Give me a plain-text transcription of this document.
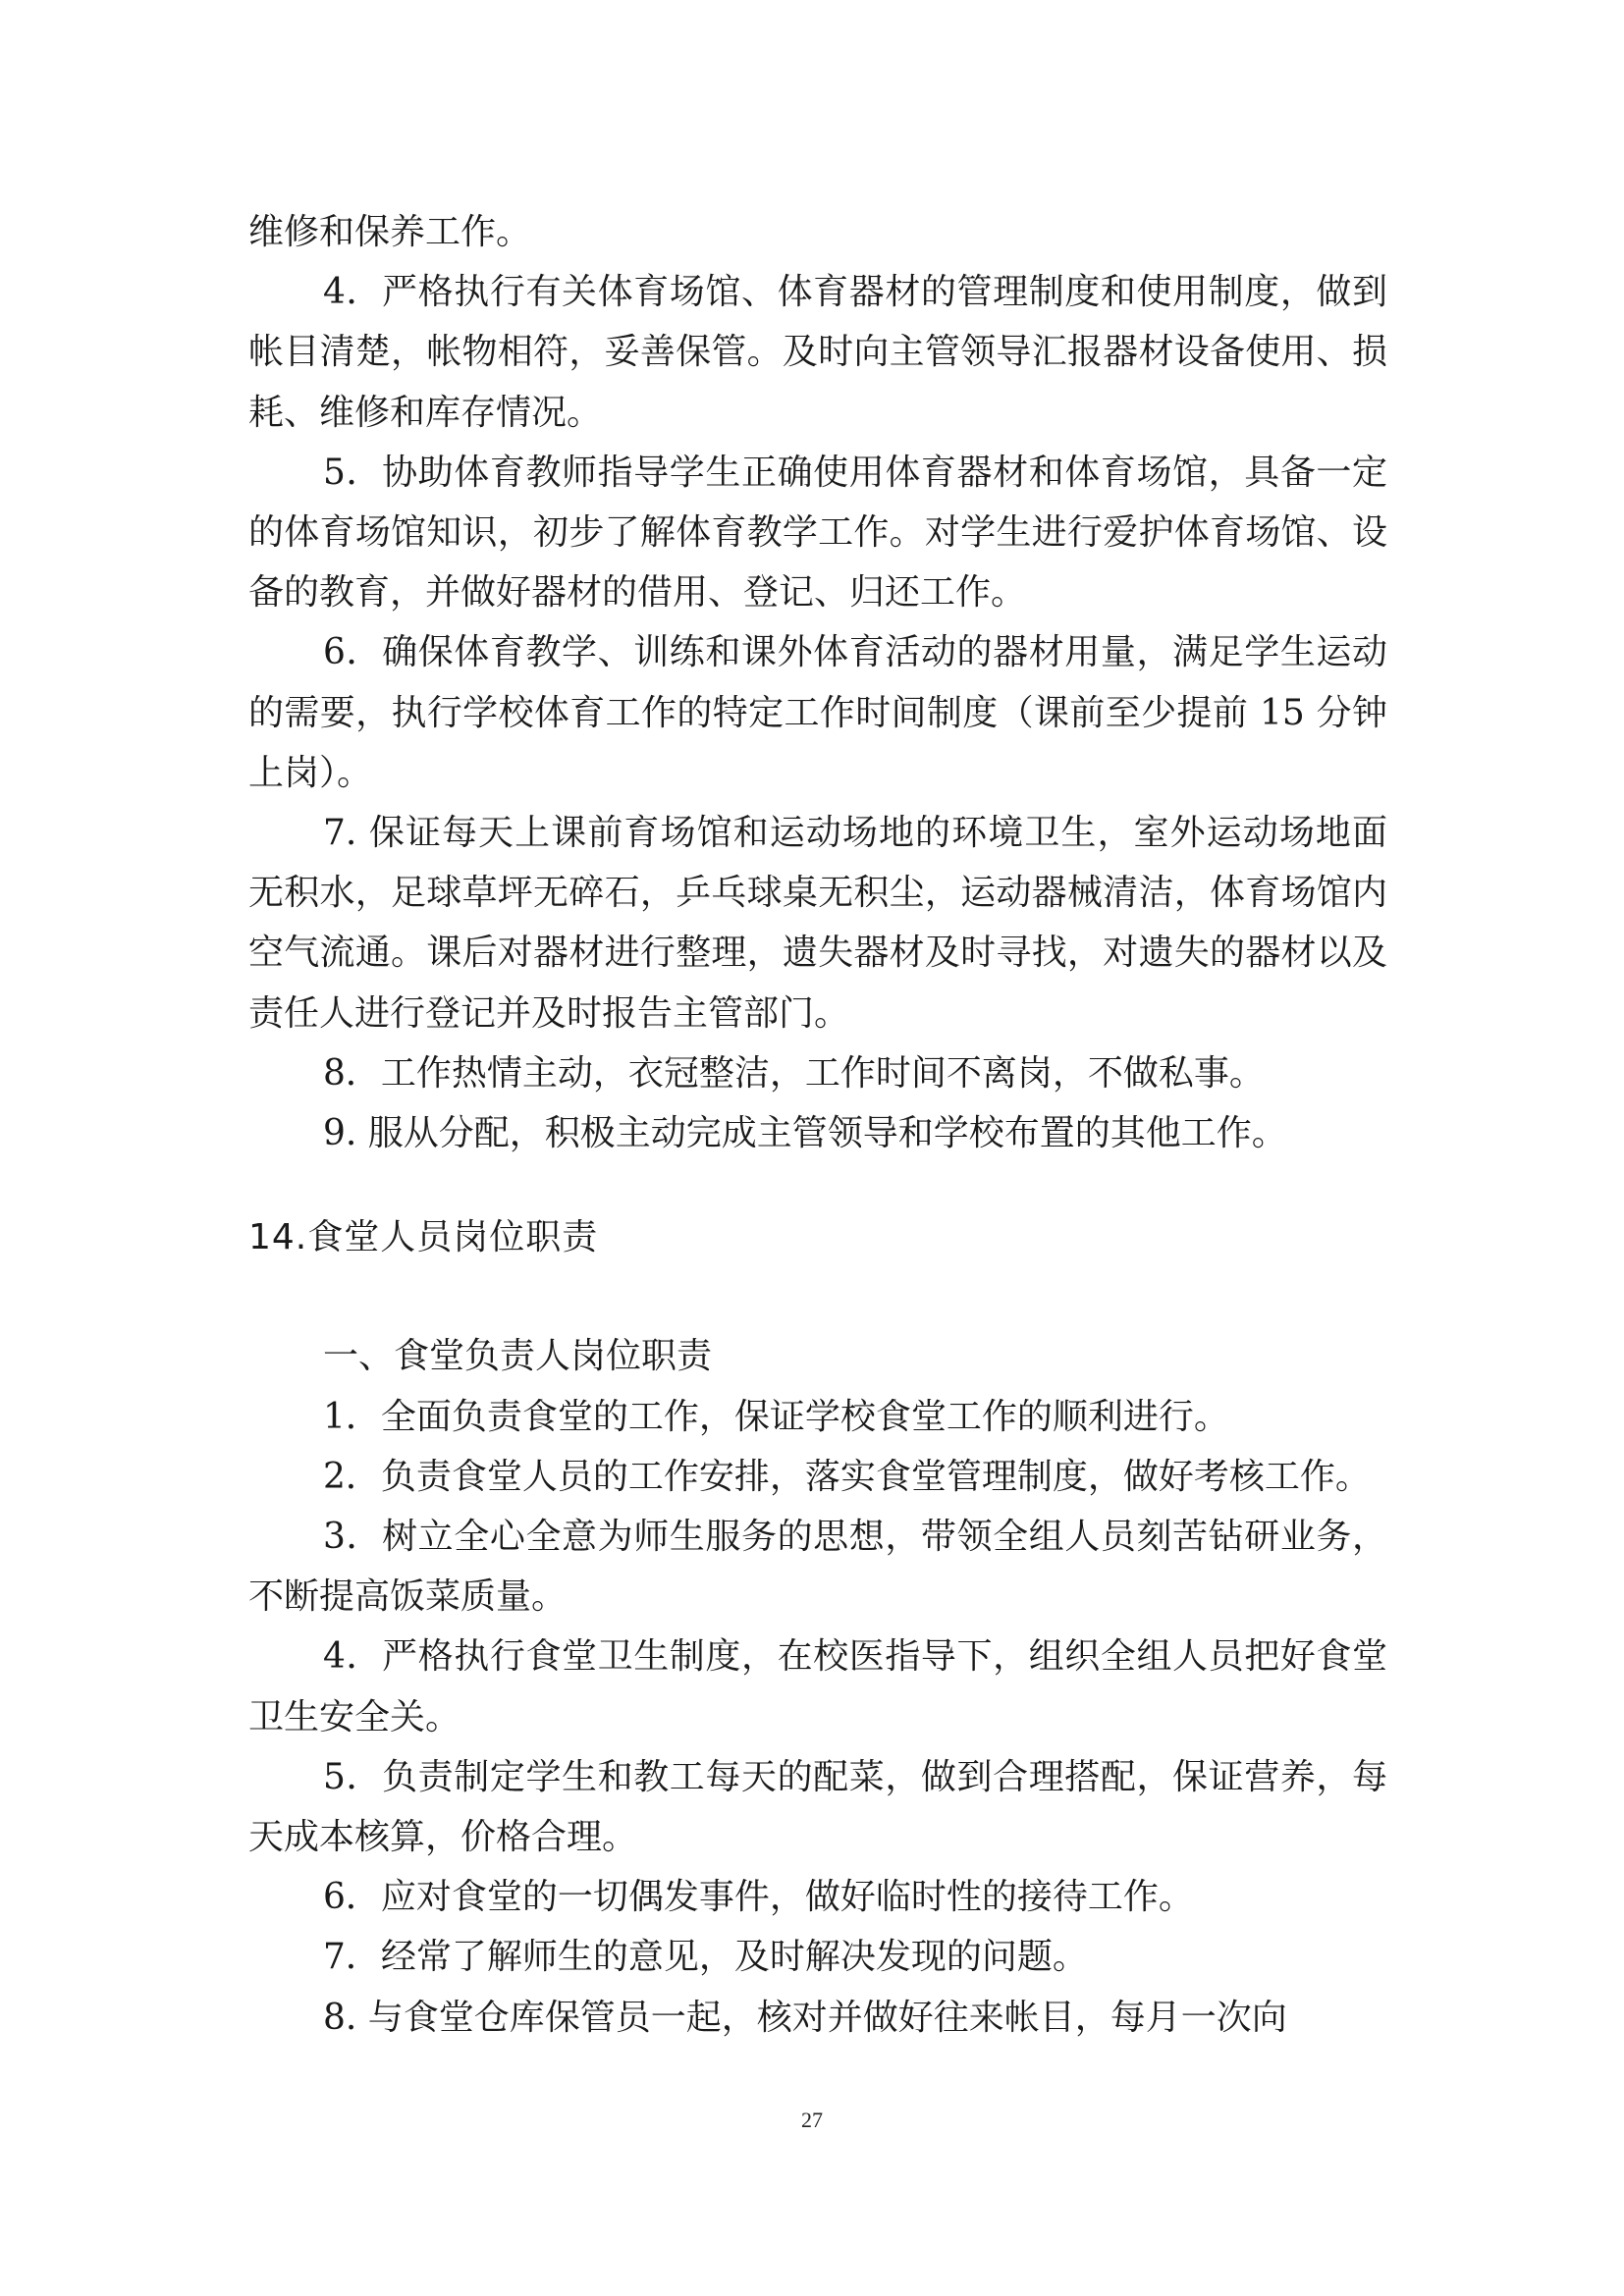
维修和保养工作。

4．严格执行有关体育场馆、体育器材的管理制度和使用制度，做到帐目清楚，帐物相符，妥善保管。及时向主管领导汇报器材设备使用、损耗、维修和库存情况。

5．协助体育教师指导学生正确使用体育器材和体育场馆，具备一定的体育场馆知识，初步了解体育教学工作。对学生进行爱护体育场馆、设备的教育，并做好器材的借用、登记、归还工作。

6．确保体育教学、训练和课外体育活动的器材用量，满足学生运动的需要，执行学校体育工作的特定工作时间制度（课前至少提前 15 分钟上岗）。

7. 保证每天上课前育场馆和运动场地的环境卫生，室外运动场地面无积水，足球草坪无碎石，乒乓球桌无积尘，运动器械清洁，体育场馆内空气流通。课后对器材进行整理，遗失器材及时寻找，对遗失的器材以及责任人进行登记并及时报告主管部门。

8．工作热情主动，衣冠整洁，工作时间不离岗，不做私事。

9. 服从分配，积极主动完成主管领导和学校布置的其他工作。

14.食堂人员岗位职责

一、食堂负责人岗位职责

1．全面负责食堂的工作，保证学校食堂工作的顺利进行。

2．负责食堂人员的工作安排，落实食堂管理制度，做好考核工作。

3．树立全心全意为师生服务的思想，带领全组人员刻苦钻研业务，不断提高饭菜质量。

4．严格执行食堂卫生制度，在校医指导下，组织全组人员把好食堂卫生安全关。

5．负责制定学生和教工每天的配菜，做到合理搭配，保证营养，每天成本核算，价格合理。

6．应对食堂的一切偶发事件，做好临时性的接待工作。

7．经常了解师生的意见，及时解决发现的问题。

8. 与食堂仓库保管员一起，核对并做好往来帐目，每月一次向

27
